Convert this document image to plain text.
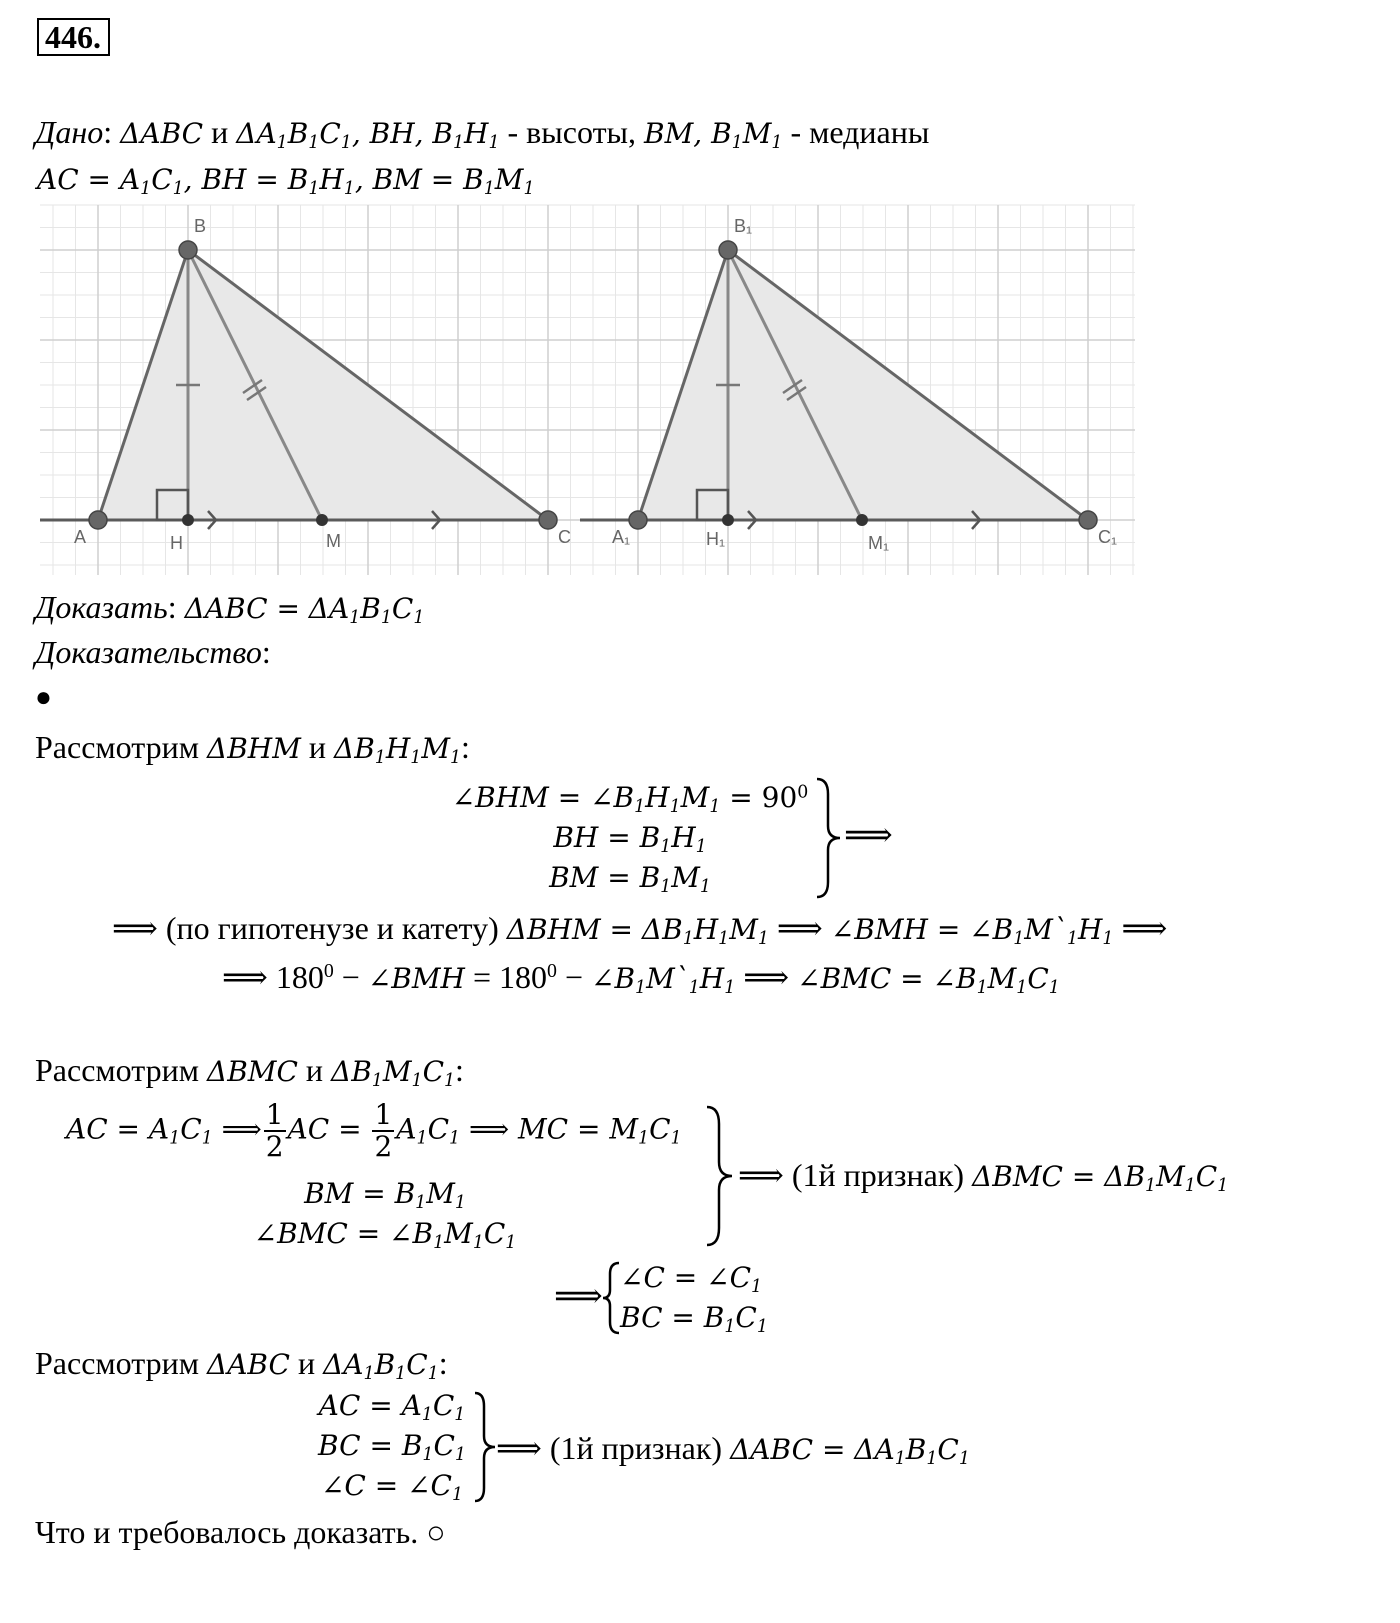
446.
Дано: ΔABC и $\Delta A_1B_1C_1$, BH, $B_1H_1$ - высоты, BM, $B_1M_1$ - медианы
AC = $A_1C_1$, BH = $B_1H_1$, BM = $B_1M_1$
A
B
C
H	M	A₁
B₁
C₁
H₁	M₁
Доказать: $\Delta ABC = \Delta A_1B_1C_1$
Доказательство:
●
Рассмотрим ΔBHM и $\Delta B_1H_1M_1$:
∠BHM = $\angle B_1H_1M_1 = 90^0$
BH = $B_1H_1$
BM = $B_1M_1$
⟹
⟹ (по гипотенузе и катету) $\Delta BHM = \Delta B_1H_1M_1$ ⟹ ∠BMH = $\angle B_1M`_1H_1$ ⟹
⟹ $180^0$ − ∠BMH = $180^0$ − $\angle B_1M`_1H_1$ ⟹ ∠BMC = $\angle B_1M_1C_1$
Рассмотрим ΔBMC и $\Delta B_1M_1C_1$:
AC = $A_1C_1$ ⟹ $\frac{1}{2}$ AC = $\frac{1}{2} A_1C_1$ ⟹ MC = $M_1C_1$
BM = $B_1M_1$
∠BMC = $\angle B_1M_1C_1$
⟹ (1й признак) $\Delta BMC = \Delta B_1M_1C_1$
⟹
∠C = $\angle C_1$
BC = $B_1C_1$
Рассмотрим ΔABC и $\Delta A_1B_1C_1$:
AC = $A_1C_1$
BC = $B_1C_1$
∠C = $\angle C_1$
⟹ (1й признак) $\Delta ABC = \Delta A_1B_1C_1$
Что и требовалось доказать. ○
